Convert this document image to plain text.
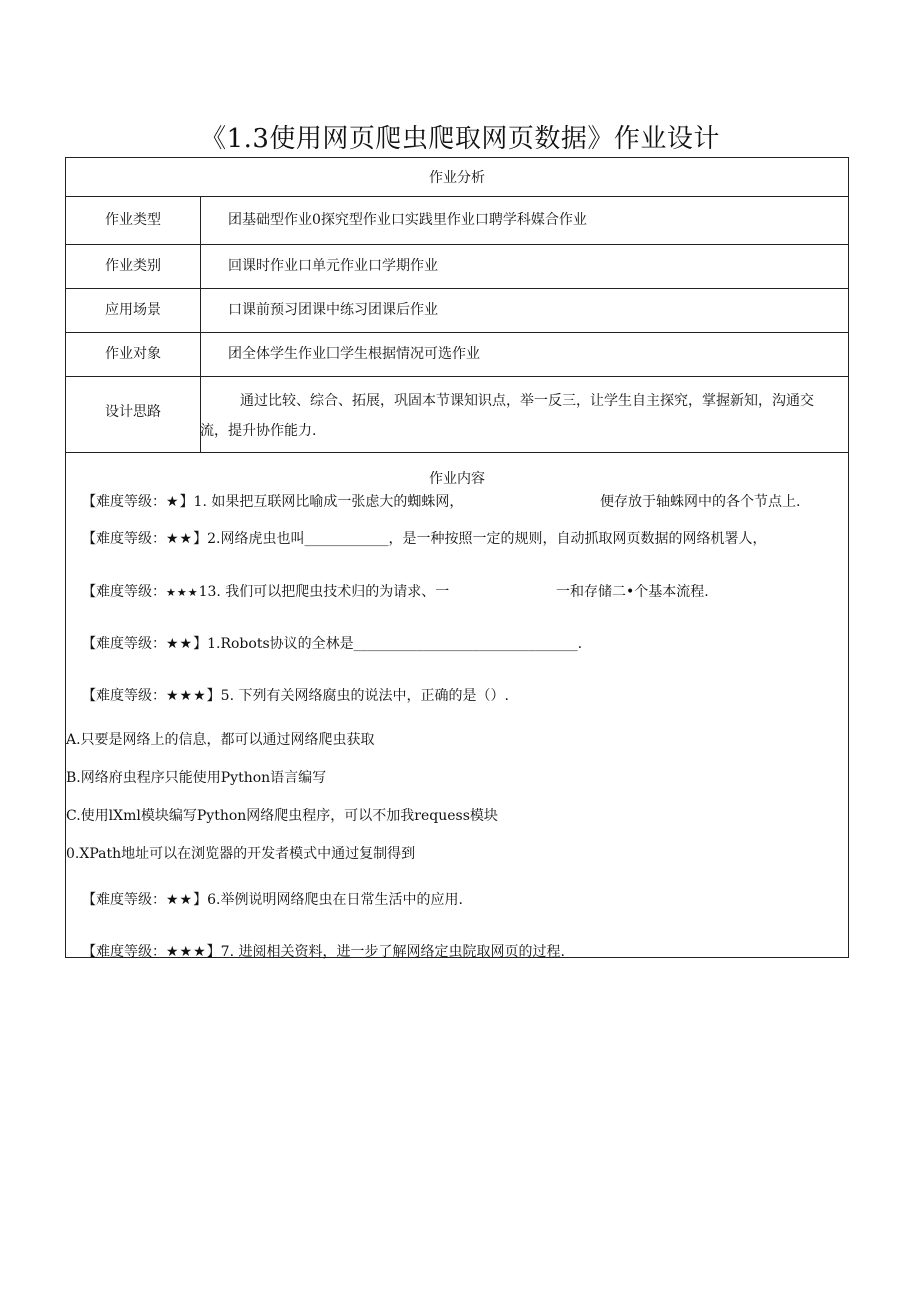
《1.3使用网页爬虫爬取网页数据》作业设计
作业分析
作业类型	团基础型作业0探究型作业口实践里作业口聘学科媒合作业
作业类别	回课时作业口单元作业口学期作业
应用场景	口课前预习团课中练习团课后作业
作业对象	团全体学生作业囗学生根据情况可选作业
设计思路
通过比较、综合、拓展，巩固本节课知识点，举一反三，让学生自主探究，掌握新知，沟通交流，提升协作能力.
作业内容
【难度等级：★】1. 如果把互联网比喻成一张虑大的蜘蛛网，	便存放于轴蛛网中的各个节点上.
【难度等级：★★】2.网络虎虫也叫____________，是一种按照一定的规则，自动抓取网页数据的网络机署人，
【难度等级：★★★13. 我们可以把爬虫技术归的为请求、一	一和存储二•个基本流程.
【难度等级：★★】1.Robots协议的全林是________________________________.
【难度等级：★★★】5. 下列有关网络腐虫的说法中，正确的是（）.
A.只要是网络上的信息，都可以通过网络爬虫获取
B.网络府虫程序只能使用Python语言编写
C.使用lXml模块编写Python网络爬虫程序，可以不加我requess模块
0.XPath地址可以在浏览器的开发者模式中通过复制得到
【难度等级：★★】6.举例说明网络爬虫在日常生活中的应用.
【难度等级：★★★】7. 进阅相关资料，进一步了解网络定虫院取网页的过程.
